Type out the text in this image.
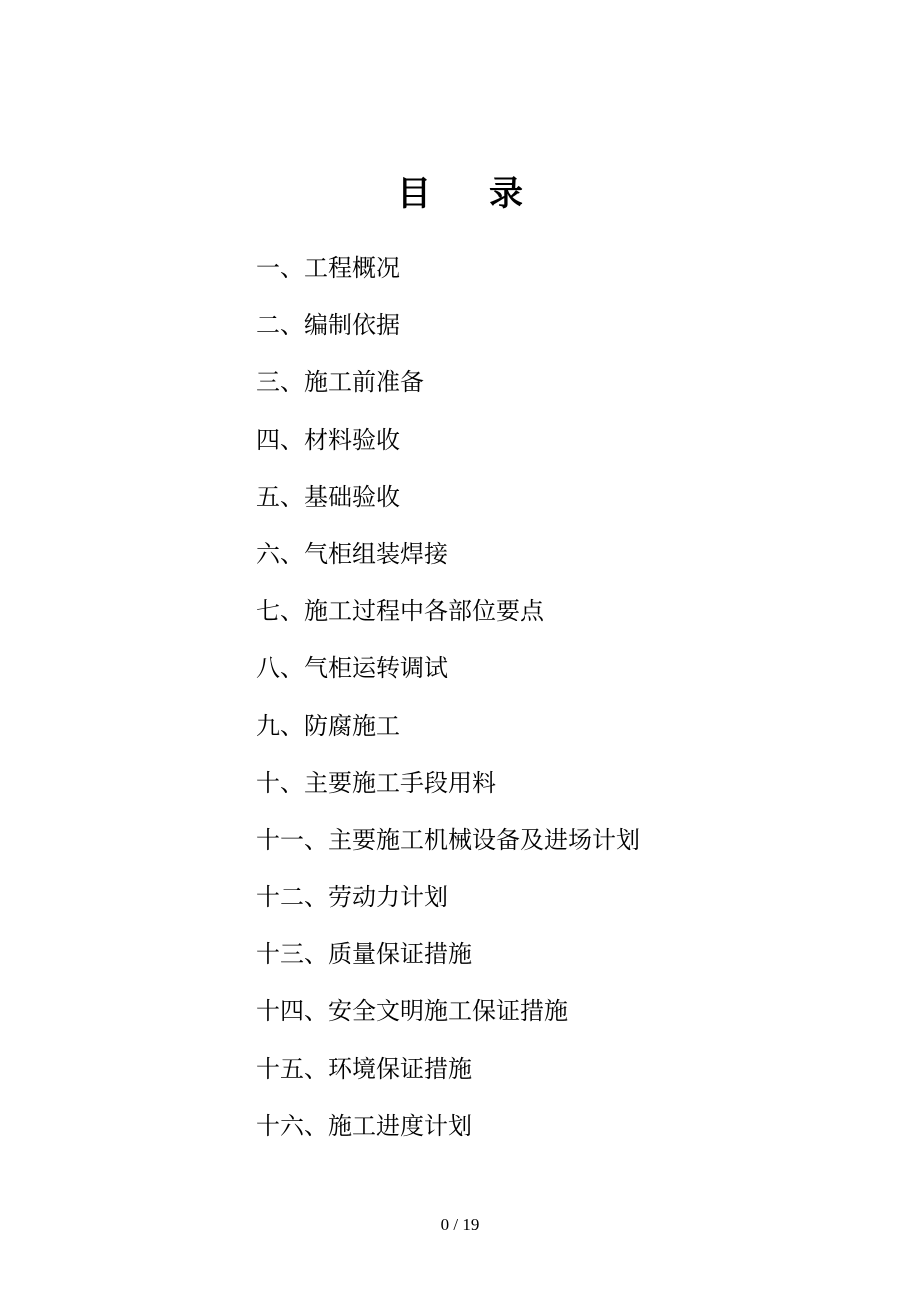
目录
一、工程概况
二、编制依据
三、施工前准备
四、材料验收
五、基础验收
六、气柜组装焊接
七、施工过程中各部位要点
八、气柜运转调试
九、防腐施工
十、主要施工手段用料
十一、主要施工机械设备及进场计划
十二、劳动力计划
十三、质量保证措施
十四、安全文明施工保证措施
十五、环境保证措施
十六、施工进度计划
0 / 19
